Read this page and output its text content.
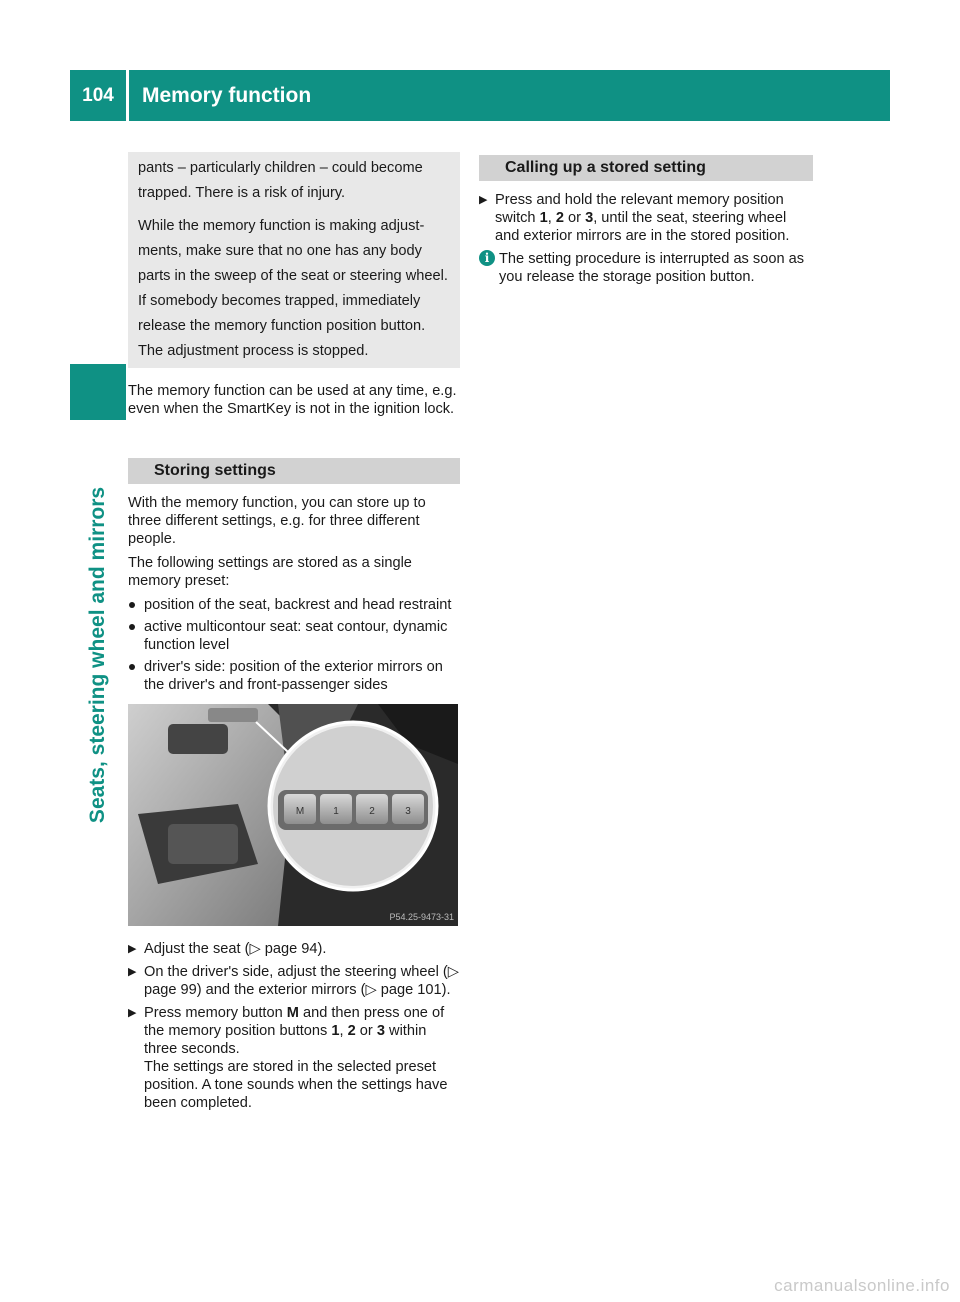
104	Memory function
Seats, steering wheel and mirrors

pants – particularly children – could become trapped. There is a risk of injury.

While the memory function is making adjustments, make sure that no one has any body parts in the sweep of the seat or steering wheel. If somebody becomes trapped, immediately release the memory function position button. The adjustment process is stopped.

The memory function can be used at any time, e.g. even when the SmartKey is not in the ignition lock.

Storing settings

With the memory function, you can store up to three different settings, e.g. for three different people.

The following settings are stored as a single memory preset:

position of the seat, backrest and head restraint
active multicontour seat: seat contour, dynamic function level
driver's side: position of the exterior mirrors on the driver's and front-passenger sides
M	1	2	3
P54.25-9473-31
▶ Adjust the seat (▷ page 94).
▶ On the driver's side, adjust the steering wheel (▷ page 99) and the exterior mirrors (▷ page 101).
▶ Press memory button M and then press one of the memory position buttons 1, 2 or 3 within three seconds.
The settings are stored in the selected preset position. A tone sounds when the settings have been completed.
Calling up a stored setting
▶ Press and hold the relevant memory position switch 1, 2 or 3, until the seat, steering wheel and exterior mirrors are in the stored position.
i The setting procedure is interrupted as soon as you release the storage position button.
carmanualsonline.info
